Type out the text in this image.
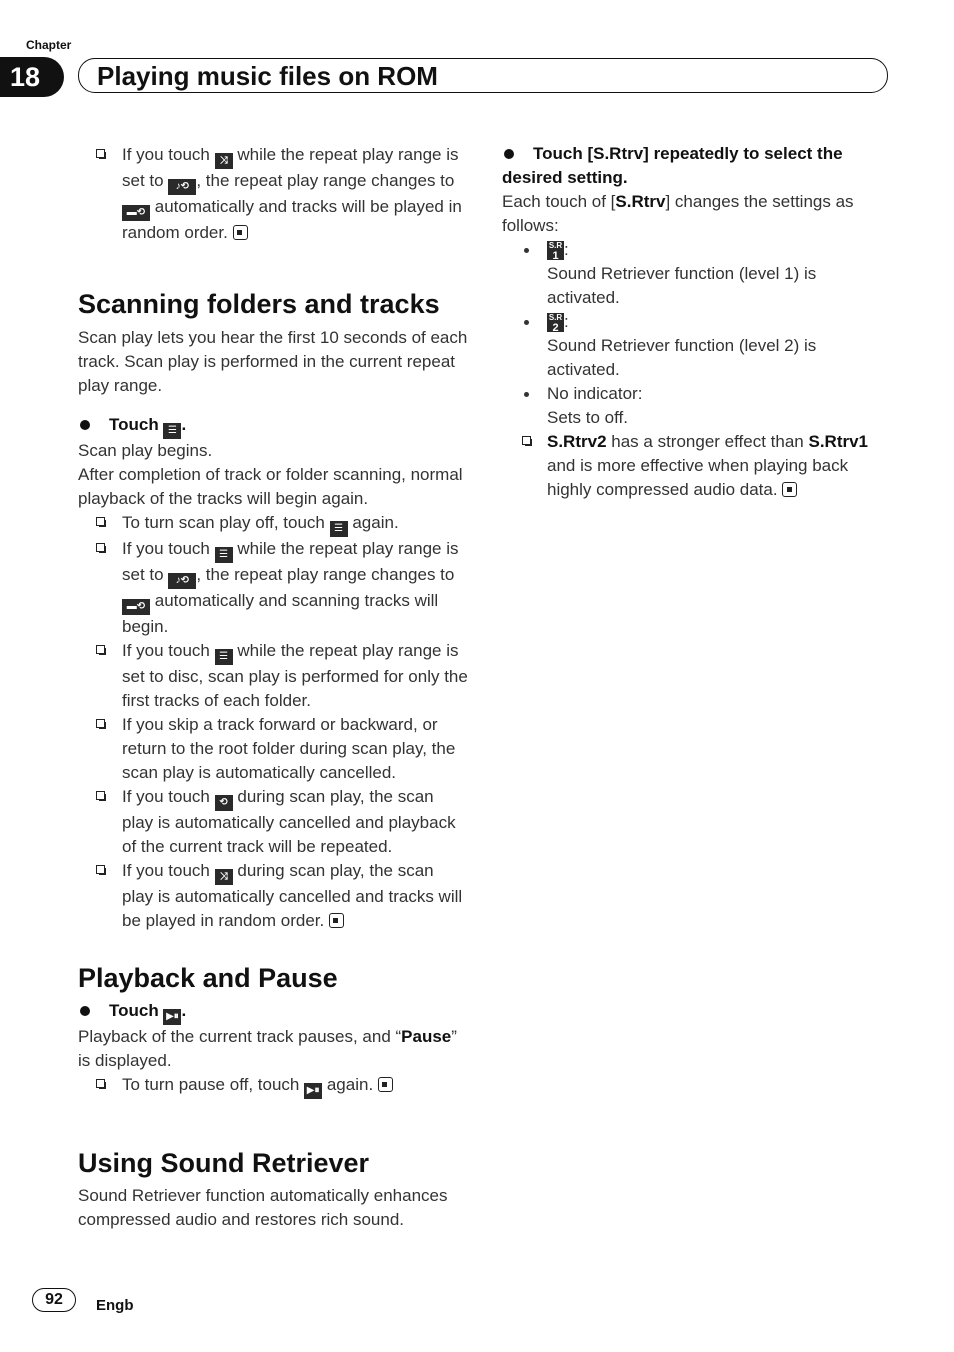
Chapter
18	Playing music files on ROM

If you touch ⤨ while the repeat play range is set to ♪⟲ , the repeat play range changes to ▬⟲ automatically and tracks will be played in random order.

Scanning folders and tracks

Scan play lets you hear the first 10 seconds of each track. Scan play is performed in the current repeat play range.

Touch ☰ .

Scan play begins.

After completion of track or folder scanning, normal playback of the tracks will begin again.

To turn scan play off, touch ☰ again.

If you touch ☰ while the repeat play range is set to ♪⟲ , the repeat play range changes to ▬⟲ automatically and scanning tracks will begin.

If you touch ☰ while the repeat play range is set to disc, scan play is performed for only the first tracks of each folder.

If you skip a track forward or backward, or return to the root folder during scan play, the scan play is automatically cancelled.

If you touch ⟲ during scan play, the scan play is automatically cancelled and playback of the current track will be repeated.

If you touch ⤨ during scan play, the scan play is automatically cancelled and tracks will be played in random order.

Playback and Pause

Touch ▶⏸ .

Playback of the current track pauses, and “Pause” is displayed.

To turn pause off, touch ▶⏸ again.

Using Sound Retriever

Sound Retriever function automatically enhances compressed audio and restores rich sound.

Touch [S.Rtrv] repeatedly to select the desired setting.

Each touch of [S.Rtrv] changes the settings as follows:

S.R
1 :
Sound Retriever function (level 1) is activated.
S.R
2 :
Sound Retriever function (level 2) is activated.
No indicator:
Sets to off.

S.Rtrv2 has a stronger effect than S.Rtrv1 and is more effective when playing back highly compressed audio data.

92	Engb
